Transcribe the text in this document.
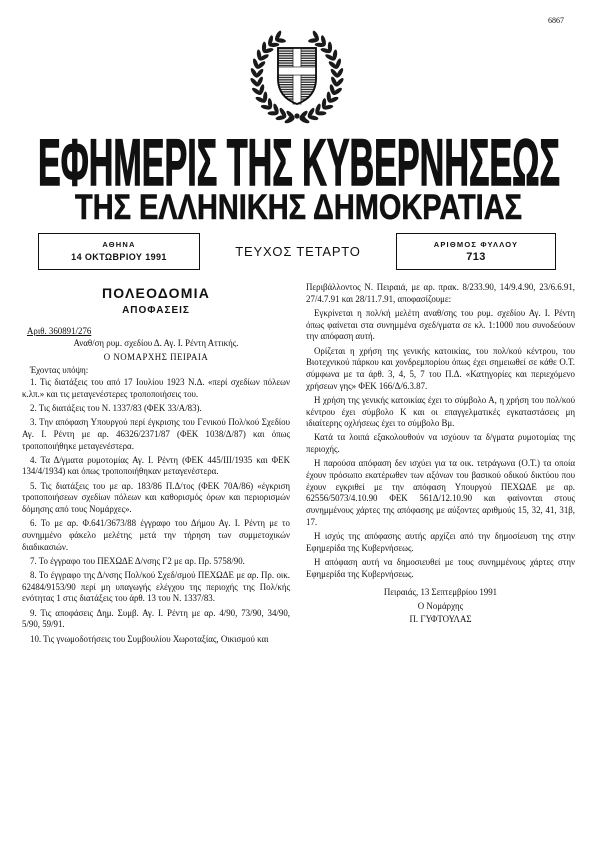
6867
ΕΦΗΜΕΡΙΣ ΤΗΣ ΚΥΒΕΡΝΗΣΕΩΣ
ΤΗΣ ΕΛΛΗΝΙΚΗΣ ΔΗΜΟΚΡΑΤΙΑΣ
ΑΘΗΝΑ
14 ΟΚΤΩΒΡΙΟΥ 1991	ΤΕΥΧΟΣ ΤΕΤΑΡΤΟ	ΑΡΙΘΜΟΣ ΦΥΛΛΟΥ
713
ΠΟΛΕΟΔΟΜΙΑ
ΑΠΟΦΑΣΕΙΣ
Αριθ. 360891/276
Αναθ/ση ρυμ. σχεδίου Δ. Αγ. Ι. Ρέντη Αττικής.
Ο ΝΟΜΑΡΧΗΣ ΠΕΙΡΑΙΑ
Έχοντας υπόψη:

1. Τις διατάξεις του από 17 Ιουλίου 1923 Ν.Δ. «περί σχεδίων πόλεων κ.λπ.» και τις μεταγενέστερες τροποποιήσεις του.

2. Τις διατάξεις του Ν. 1337/83 (ΦΕΚ 33/Α/83).

3. Την απόφαση Υπουργού περί έγκρισης του Γενικού Πολ/κού Σχεδίου Αγ. Ι. Ρέντη με αρ. 46326/2371/87 (ΦΕΚ 1038/Δ/87) και όπως τροποποιήθηκε μεταγενέστερα.

4. Τα Δ/γματα ρυμοτομίας Αγ. Ι. Ρέντη (ΦΕΚ 445/ΙΙΙ/1935 και ΦΕΚ 134/4/1934) και όπως τροποποιήθηκαν μεταγενέστερα.

5. Τις διατάξεις του με αρ. 183/86 Π.Δ/τος (ΦΕΚ 70Α/86) «έγκριση τροποποιήσεων σχεδίων πόλεων και καθορισμός όρων και περιορισμών δόμησης από τους Νομάρχες».

6. Το με αρ. Φ.641/3673/88 έγγραφο του Δήμου Αγ. Ι. Ρέντη με το συνημμένο φάκελο μελέτης μετά την τήρηση των συμμετοχικών διαδικασιών.

7. Το έγγραφο του ΠΕΧΩΔΕ Δ/νσης Γ2 με αρ. Πρ. 5758/90.

8. Το έγγραφο της Δ/νσης Πολ/κού Σχεδ/σμού ΠΕΧΩΔΕ με αρ. Πρ. οικ. 62484/9153/90 περί μη υπαγωγής ελέγχου της περιοχής της Πολ/κής ενότητας 1 στις διατάξεις του άρθ. 13 του Ν. 1337/83.

9. Τις αποφάσεις Δημ. Συμβ. Αγ. Ι. Ρέντη με αρ. 4/90, 73/90, 34/90, 5/90, 59/91.

10. Τις γνωμοδοτήσεις του Συμβουλίου Χωροταξίας, Οικισμού και

Περιβάλλοντος Ν. Πειραιά, με αρ. πρακ. 8/233.90, 14/9.4.90, 23/6.6.91, 27/4.7.91 και 28/11.7.91, αποφασίζουμε:

Εγκρίνεται η πολ/κή μελέτη αναθ/σης του ρυμ. σχεδίου Αγ. Ι. Ρέντη όπως φαίνεται στα συνημμένα σχεδ/γματα σε κλ. 1:1000 που συνοδεύουν την απόφαση αυτή.

Ορίζεται η χρήση της γενικής κατοικίας, του πολ/κού κέντρου, του Βιοτεχνικού πάρκου και χονδρεμπορίου όπως έχει σημειωθεί σε κάθε Ο.Τ. σύμφωνα με τα άρθ. 3, 4, 5, 7 του Π.Δ. «Κατηγορίες και περιεχόμενο χρήσεων γης» ΦΕΚ 166/Δ/6.3.87.

Η χρήση της γενικής κατοικίας έχει το σύμβολο Α, η χρήση του πολ/κού κέντρου έχει σύμβολο Κ και οι επαγγελματικές εγκαταστάσεις μη ιδιαίτερης οχλήσεως έχει το σύμβολο Βμ.

Κατά τα λοιπά εξακολουθούν να ισχύουν τα δ/γματα ρυμοτομίας της περιοχής.

Η παρούσα απόφαση δεν ισχύει για τα οικ. τετράγωνα (Ο.Τ.) τα οποία έχουν πρόσωπο εκατέρωθεν των αξόνων του βασικού οδικού δικτύου που έχουν εγκριθεί με την απόφαση Υπουργού ΠΕΧΩΔΕ με αρ. 62556/5073/4.10.90 ΦΕΚ 561Δ/12.10.90 και φαίνονται στους συνημμένους χάρτες της απόφασης με αύξοντες αριθμούς 15, 32, 41, 31β, 17.

Η ισχύς της απόφασης αυτής αρχίζει από την δημοσίευση της στην Εφημερίδα της Κυβερνήσεως.

Η απόφαση αυτή να δημοσιευθεί με τους συνημμένους χάρτες στην Εφημερίδα της Κυβερνήσεως.

Πειραιάς, 13 Σεπτεμβρίου 1991
Ο Νομάρχης
Π. ΓΥΦΤΟΥΛΑΣ
